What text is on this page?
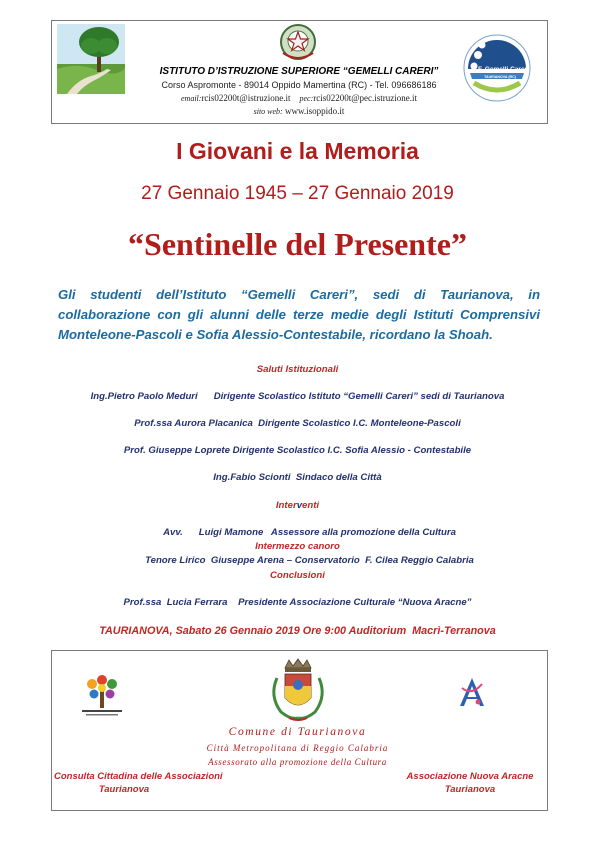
G.F. Gemelli Careri
TAURIANOVA (RC)
ISTITUTO D’ISTRUZIONE SUPERIORE “GEMELLI CARERI”
Corso Aspromonte - 89014 Oppido Mamertina (RC) - Tel. 096686186
email:rcis02200t@istruzione.it pec:rcis02200t@pec.istruzione.it
sito web: www.isoppido.it
I Giovani e la Memoria
27 Gennaio 1945 – 27 Gennaio 2019
“Sentinelle del Presente”
Gli studenti dell’Istituto “Gemelli Careri”, sedi di Taurianova, in collaborazione con gli alunni delle terze medie degli Istituti Comprensivi Monteleone-Pascoli e Sofia Alessio-Contestabile, ricordano la Shoah.
Saluti Istituzionali
Ing.Pietro Paolo Meduri      Dirigente Scolastico Istituto “Gemelli Careri” sedi di Taurianova
Prof.ssa Aurora Placanica  Dirigente Scolastico I.C. Monteleone-Pascoli
Prof. Giuseppe Loprete Dirigente Scolastico I.C. Sofia Alessio - Contestabile
Ing.Fabio Scionti  Sindaco della Città
Interventi
Avv.      Luigi Mamone   Assessore alla promozione della Cultura
Intermezzo canoro
Tenore Lirico  Giuseppe Arena – Conservatorio  F. Cilea Reggio Calabria
Conclusioni
Prof.ssa  Lucia Ferrara    Presidente Associazione Culturale “Nuova Aracne”
TAURIANOVA, Sabato 26 Gennaio 2019 Ore 9:00 Auditorium  Macrì-Terranova
Comune di Taurianova
Città Metropolitana di Reggio Calabria
Assessorato alla promozione della Cultura
Consulta Cittadina delle Associazioni
Taurianova
Associazione Nuova Aracne
Taurianova
